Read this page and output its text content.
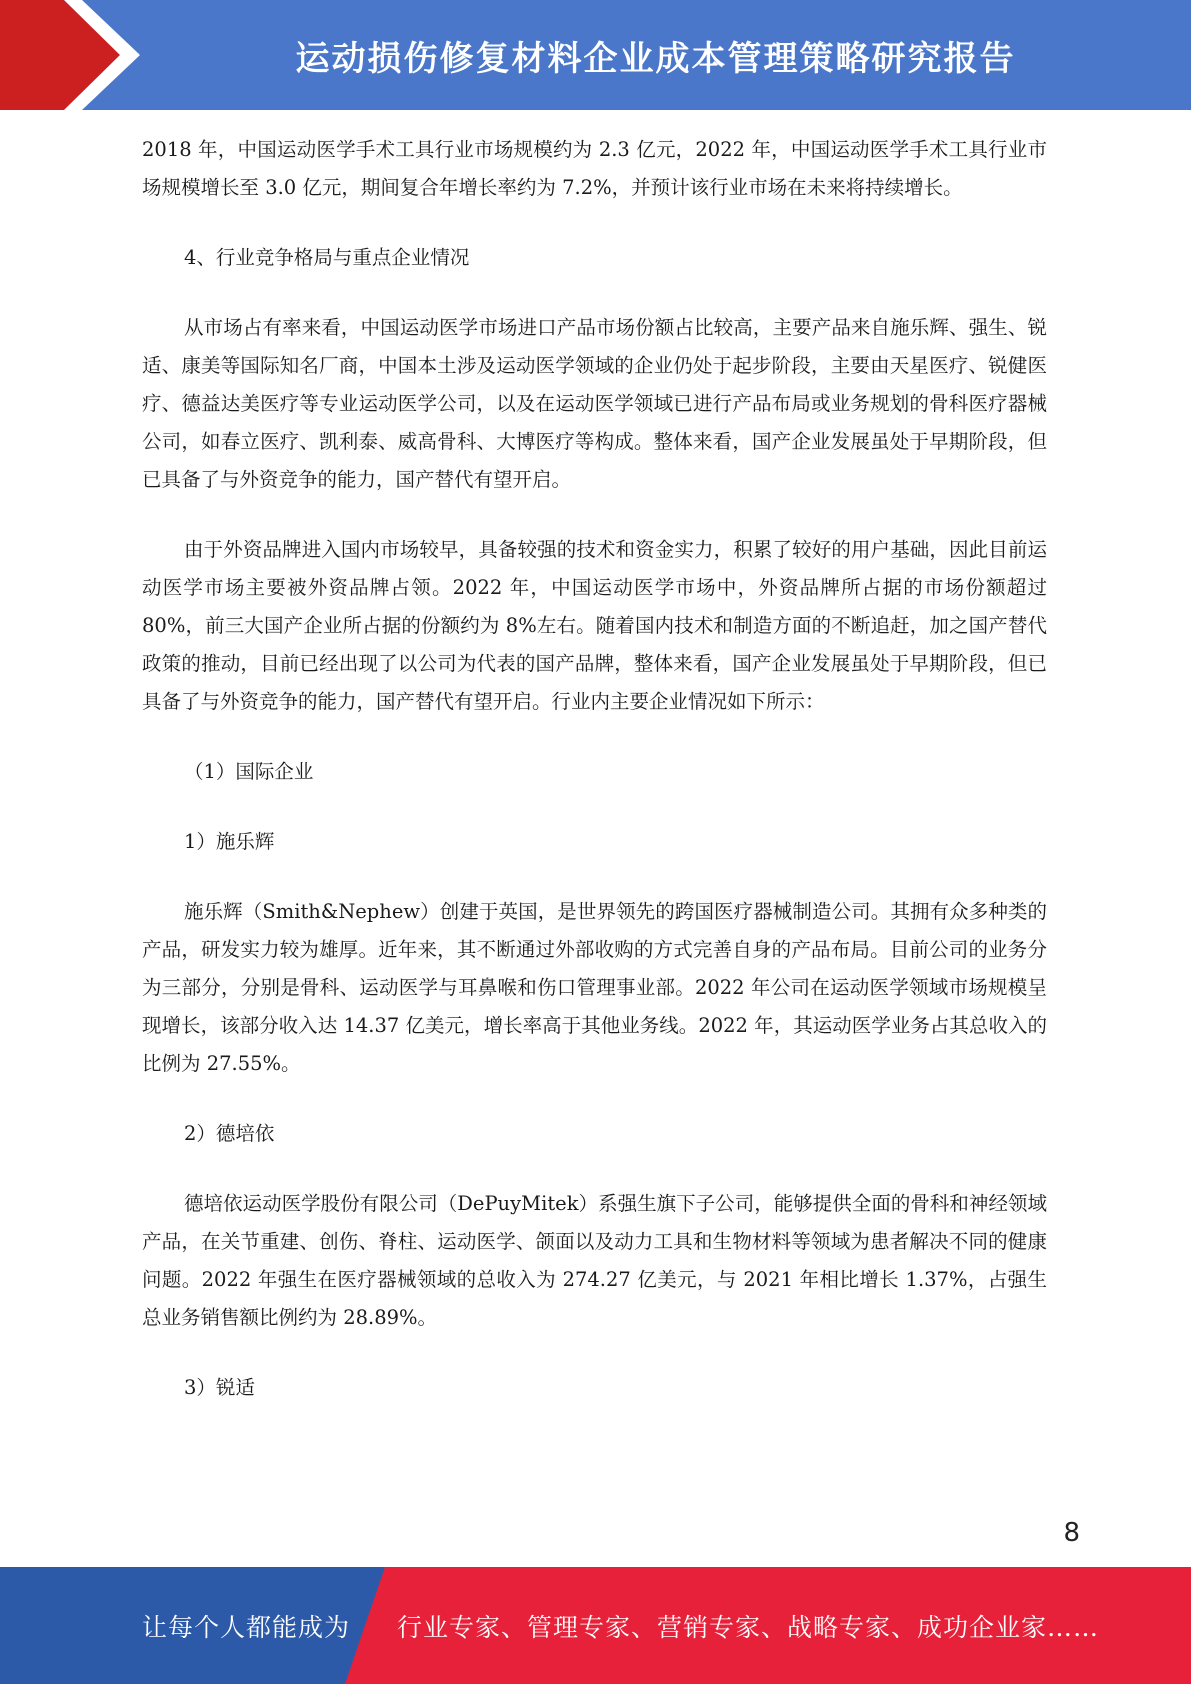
运动损伤修复材料企业成本管理策略研究报告

2018 年，中国运动医学手术工具行业市场规模约为 2.3 亿元，2022 年，中国运动医学手术工具行业市场规模增长至 3.0 亿元，期间复合年增长率约为 7.2%，并预计该行业市场在未来将持续增长。

4、行业竞争格局与重点企业情况

从市场占有率来看，中国运动医学市场进口产品市场份额占比较高，主要产品来自施乐辉、强生、锐适、康美等国际知名厂商，中国本土涉及运动医学领域的企业仍处于起步阶段，主要由天星医疗、锐健医疗、德益达美医疗等专业运动医学公司，以及在运动医学领域已进行产品布局或业务规划的骨科医疗器械公司，如春立医疗、凯利泰、威高骨科、大博医疗等构成。整体来看，国产企业发展虽处于早期阶段，但已具备了与外资竞争的能力，国产替代有望开启。

由于外资品牌进入国内市场较早，具备较强的技术和资金实力，积累了较好的用户基础，因此目前运动医学市场主要被外资品牌占领。2022 年，中国运动医学市场中，外资品牌所占据的市场份额超过 80%，前三大国产企业所占据的份额约为 8%左右。随着国内技术和制造方面的不断追赶，加之国产替代政策的推动，目前已经出现了以公司为代表的国产品牌，整体来看，国产企业发展虽处于早期阶段，但已具备了与外资竞争的能力，国产替代有望开启。行业内主要企业情况如下所示：

（1）国际企业

1）施乐辉

施乐辉（Smith&Nephew）创建于英国，是世界领先的跨国医疗器械制造公司。其拥有众多种类的产品，研发实力较为雄厚。近年来，其不断通过外部收购的方式完善自身的产品布局。目前公司的业务分为三部分，分别是骨科、运动医学与耳鼻喉和伤口管理事业部。2022 年公司在运动医学领域市场规模呈现增长，该部分收入达 14.37 亿美元，增长率高于其他业务线。2022 年，其运动医学业务占其总收入的比例为 27.55%。

2）德培依

德培依运动医学股份有限公司（DePuyMitek）系强生旗下子公司，能够提供全面的骨科和神经领域产品，在关节重建、创伤、脊柱、运动医学、颌面以及动力工具和生物材料等领域为患者解决不同的健康问题。2022 年强生在医疗器械领域的总收入为 274.27 亿美元，与 2021 年相比增长 1.37%，占强生总业务销售额比例约为 28.89%。

3）锐适

8
让每个人都能成为 行业专家、管理专家、营销专家、战略专家、成功企业家……
